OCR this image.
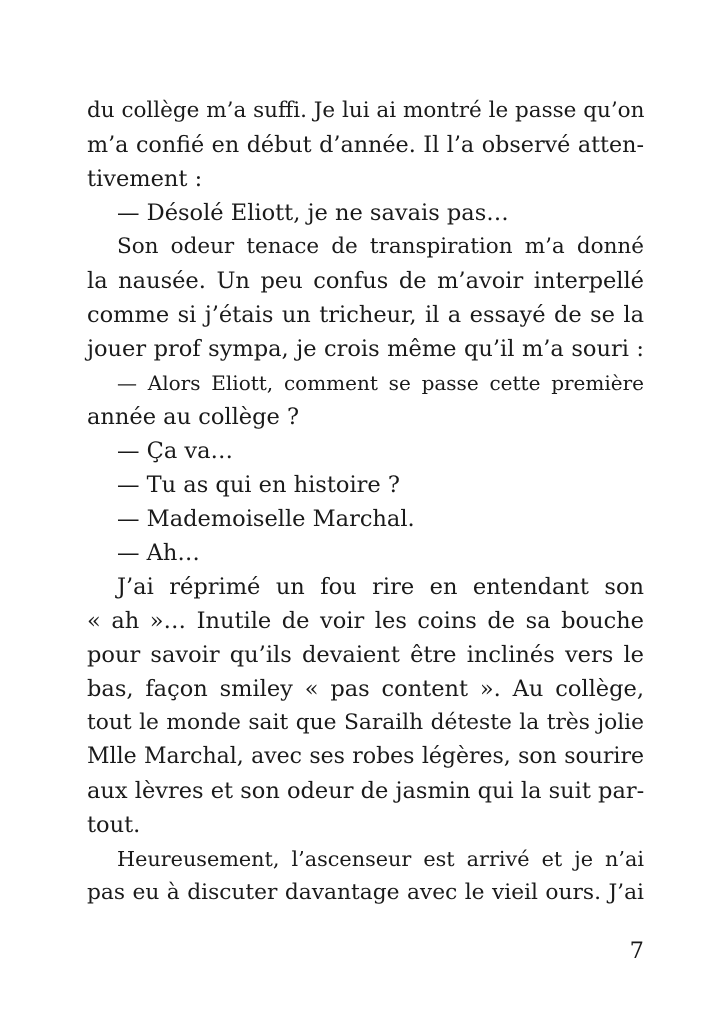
du collège m’a suffi. Je lui ai montré le passe qu’on
m’a confié en début d’année. Il l’a observé atten-
tivement :
— Désolé Eliott, je ne savais pas…
Son odeur tenace de transpiration m’a donné
la nausée. Un peu confus de m’avoir interpellé
comme si j’étais un tricheur, il a essayé de se la
jouer prof sympa, je crois même qu’il m’a souri :
— Alors Eliott, comment se passe cette première
année au collège ?
— Ça va…
— Tu as qui en histoire ?
— Mademoiselle Marchal.
— Ah…
J’ai réprimé un fou rire en entendant son
« ah »… Inutile de voir les coins de sa bouche
pour savoir qu’ils devaient être inclinés vers le
bas, façon smiley « pas content ». Au collège,
tout le monde sait que Sarailh déteste la très jolie
Mlle Marchal, avec ses robes légères, son sourire
aux lèvres et son odeur de jasmin qui la suit par-
tout.
Heureusement, l’ascenseur est arrivé et je n’ai
pas eu à discuter davantage avec le vieil ours. J’ai
7
